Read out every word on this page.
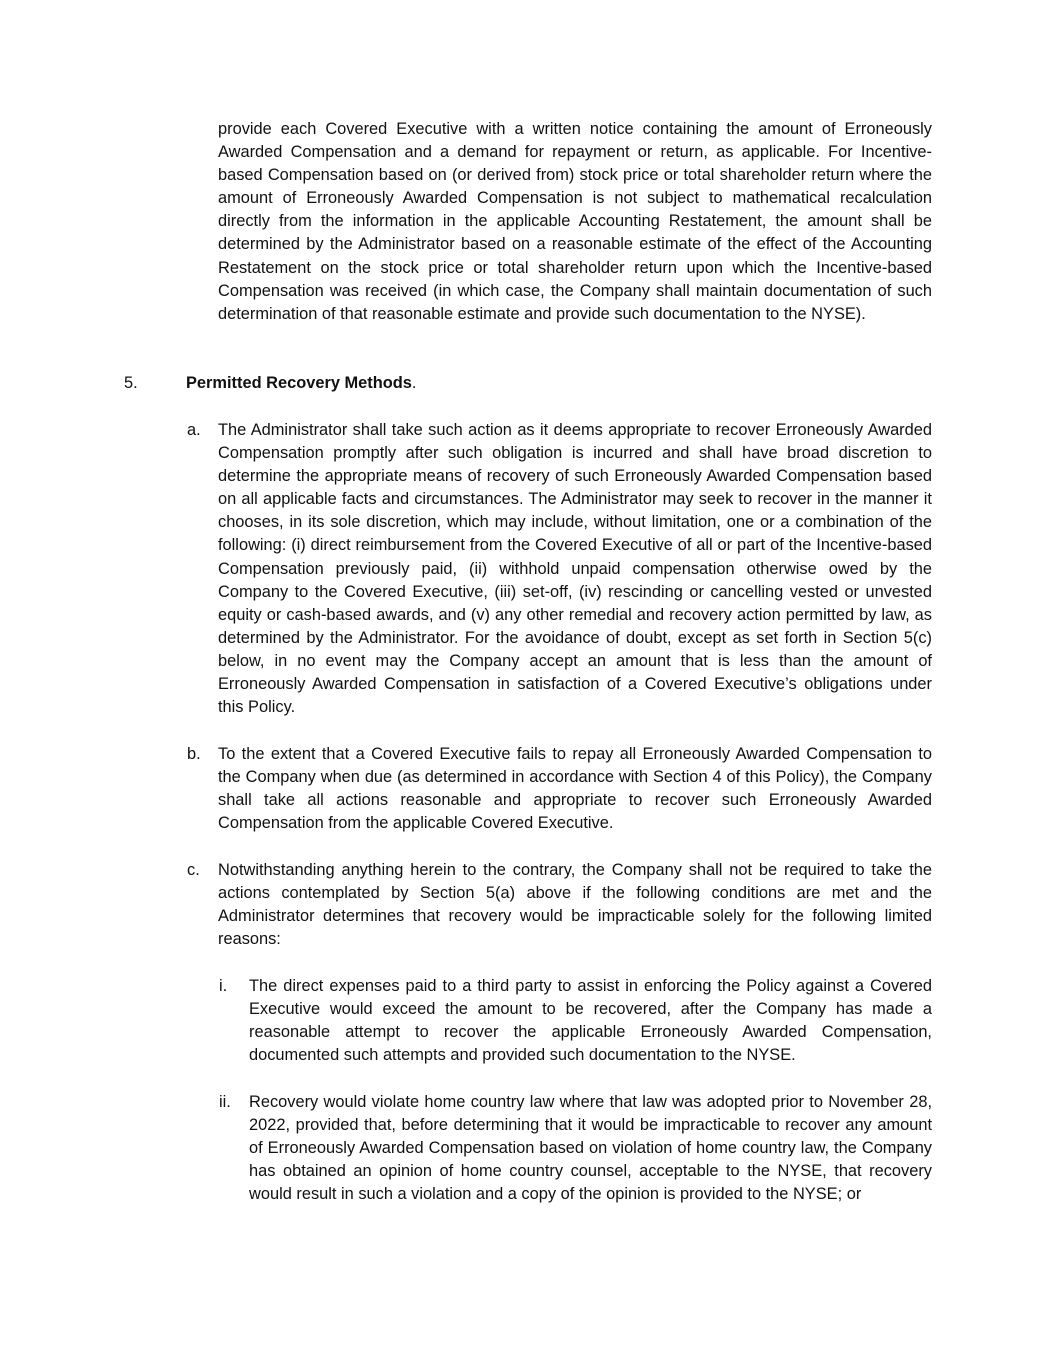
provide each Covered Executive with a written notice containing the amount of Erroneously Awarded Compensation and a demand for repayment or return, as applicable. For Incentive-based Compensation based on (or derived from) stock price or total shareholder return where the amount of Erroneously Awarded Compensation is not subject to mathematical recalculation directly from the information in the applicable Accounting Restatement, the amount shall be determined by the Administrator based on a reasonable estimate of the effect of the Accounting Restatement on the stock price or total shareholder return upon which the Incentive-based Compensation was received (in which case, the Company shall maintain documentation of such determination of that reasonable estimate and provide such documentation to the NYSE).

5.	Permitted Recovery Methods.

a. The Administrator shall take such action as it deems appropriate to recover Erroneously Awarded Compensation promptly after such obligation is incurred and shall have broad discretion to determine the appropriate means of recovery of such Erroneously Awarded Compensation based on all applicable facts and circumstances. The Administrator may seek to recover in the manner it chooses, in its sole discretion, which may include, without limitation, one or a combination of the following: (i) direct reimbursement from the Covered Executive of all or part of the Incentive-based Compensation previously paid, (ii) withhold unpaid compensation otherwise owed by the Company to the Covered Executive, (iii) set-off, (iv) rescinding or cancelling vested or unvested equity or cash-based awards, and (v) any other remedial and recovery action permitted by law, as determined by the Administrator. For the avoidance of doubt, except as set forth in Section 5(c) below, in no event may the Company accept an amount that is less than the amount of Erroneously Awarded Compensation in satisfaction of a Covered Executive’s obligations under this Policy.

b. To the extent that a Covered Executive fails to repay all Erroneously Awarded Compensation to the Company when due (as determined in accordance with Section 4 of this Policy), the Company shall take all actions reasonable and appropriate to recover such Erroneously Awarded Compensation from the applicable Covered Executive.

c. Notwithstanding anything herein to the contrary, the Company shall not be required to take the actions contemplated by Section 5(a) above if the following conditions are met and the Administrator determines that recovery would be impracticable solely for the following limited reasons:

i. The direct expenses paid to a third party to assist in enforcing the Policy against a Covered Executive would exceed the amount to be recovered, after the Company has made a reasonable attempt to recover the applicable Erroneously Awarded Compensation, documented such attempts and provided such documentation to the NYSE.

ii. Recovery would violate home country law where that law was adopted prior to November 28, 2022, provided that, before determining that it would be impracticable to recover any amount of Erroneously Awarded Compensation based on violation of home country law, the Company has obtained an opinion of home country counsel, acceptable to the NYSE, that recovery would result in such a violation and a copy of the opinion is provided to the NYSE; or
